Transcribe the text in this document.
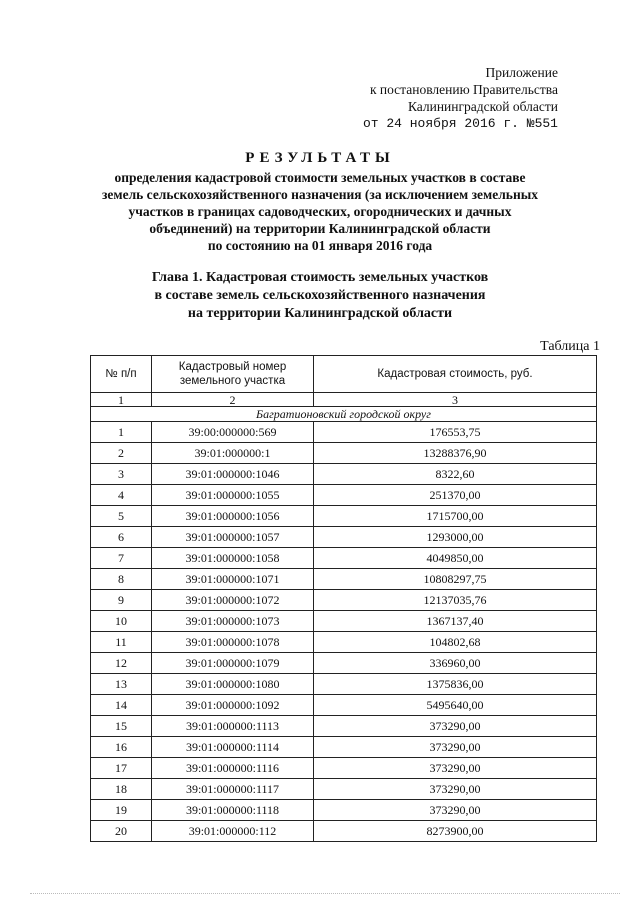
Приложение
к постановлению Правительства
Калининградской области
от 24 ноября 2016 г. №551
РЕЗУЛЬТАТЫ
определения кадастровой стоимости земельных участков в составе
земель сельскохозяйственного назначения (за исключением земельных
участков в границах садоводческих, огороднических и дачных
объединений) на территории Калининградской области
по состоянию на 01 января 2016 года
Глава 1. Кадастровая стоимость земельных участков
в составе земель сельскохозяйственного назначения
на территории Калининградской области
Таблица 1
№ п/п	Кадастровый номер земельного участка	Кадастровая стоимость, руб.
1	2	3
Багратионовский городской округ		
1	39:00:000000:569	176553,75
2	39:01:000000:1	13288376,90
3	39:01:000000:1046	8322,60
4	39:01:000000:1055	251370,00
5	39:01:000000:1056	1715700,00
6	39:01:000000:1057	1293000,00
7	39:01:000000:1058	4049850,00
8	39:01:000000:1071	10808297,75
9	39:01:000000:1072	12137035,76
10	39:01:000000:1073	1367137,40
11	39:01:000000:1078	104802,68
12	39:01:000000:1079	336960,00
13	39:01:000000:1080	1375836,00
14	39:01:000000:1092	5495640,00
15	39:01:000000:1113	373290,00
16	39:01:000000:1114	373290,00
17	39:01:000000:1116	373290,00
18	39:01:000000:1117	373290,00
19	39:01:000000:1118	373290,00
20	39:01:000000:112	8273900,00
